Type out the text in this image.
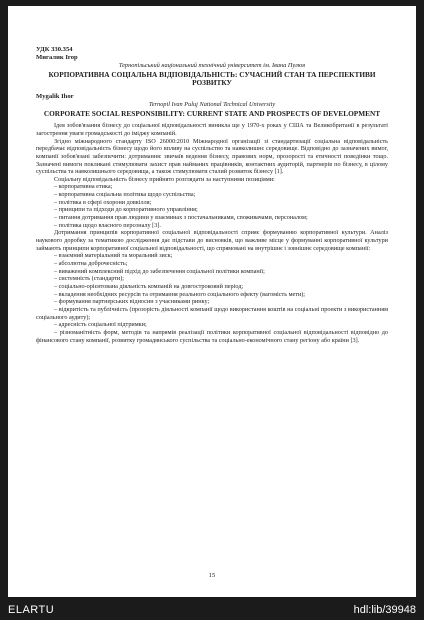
УДК 330.354
Мигалик Ігор
Тернопільський національний технічний університет ім. Івана Пулюя
КОРПОРАТИВНА СОЦІАЛЬНА ВІДПОВІДАЛЬНІСТЬ: СУЧАСНИЙ СТАН ТА ПЕРСПЕКТИВИ РОЗВИТКУ
Mygalik Ihor
Ternopil Ivan Puluj National Technical University
CORPORATE SOCIAL RESPONSIBILITY: CURRENT STATE AND PROSPECTS OF DEVELOPMENT

Ідея зобов'язання бізнесу до соціальної відповідальності виникла ще у 1970-х роках у США та Великобританії в результаті загострення уваги громадськості до іміджу компаній.

Згідно міжнародного стандарту ISO 26000:2010 Міжнародної організації зі стандартизації соціальна відповідальність передбачає відповідальність бізнесу щодо його впливу на суспільство та навколишнє середовище. Відповідно до зазначених вимог, компанії зобов'язані забезпечити: дотримання: звичаїв ведення бізнесу, правових норм, прозорості та етичності поведінки тощо. Зазначені вимоги покликані стимулювати захист прав найманих працівників, контактних аудиторій, партнерів по бізнесу, в цілому суспільства та навколишнього середовища, а також стимулювати сталий розвиток бізнесу [1].

Соціальну відповідальність бізнесу прийнято розглядати за наступними позиціями:

– корпоративна етика;
– корпоративна соціальна політика щодо суспільства;
– політика в сфері охорони довкілля;
– принципи та підходи до корпоративного управління;
– питання дотримання прав людини у взаєминах з постачальниками, споживачами, персоналом;
– політика щодо власного персоналу [3].

Дотримання принципів корпоративної соціальної відповідальності сприяє формуванню корпоративної культури. Аналіз наукового доробку за тематикою дослідження дає підстави до висновків, що важливе місце у формуванні корпоративної культури займають принципи корпоративної соціальної відповідальності, що спрямовані на внутрішнє і зовнішнє середовище компанії:

– взаємний матеріальний та моральний зиск;
– абсолютна доброчесність;
– виважений комплексний підхід до забезпечення соціальної політики компанії;
– системність (стандарти);
– соціально-орієнтована діяльність компаній на довгостроковий період;
– вкладення необхідних ресурсів та отримання реального соціального ефекту (вагомість мети);
– формування партнерських відносин з учасниками ринку;
– відкритість та публічність (прозорість діяльності компанії щодо використання коштів на соціальні проекти з використанням соціального аудиту);
– адресність соціальної підтримки;
– різноманітність форм, методів та напрямів реалізації політики корпоративної соціальної відповідальності відповідно до фінансового стану компанії, розвитку громадянського суспільства та соціально-економічного стану регіону або країни [3].
15
ELARTU	hdl:lib/39948
